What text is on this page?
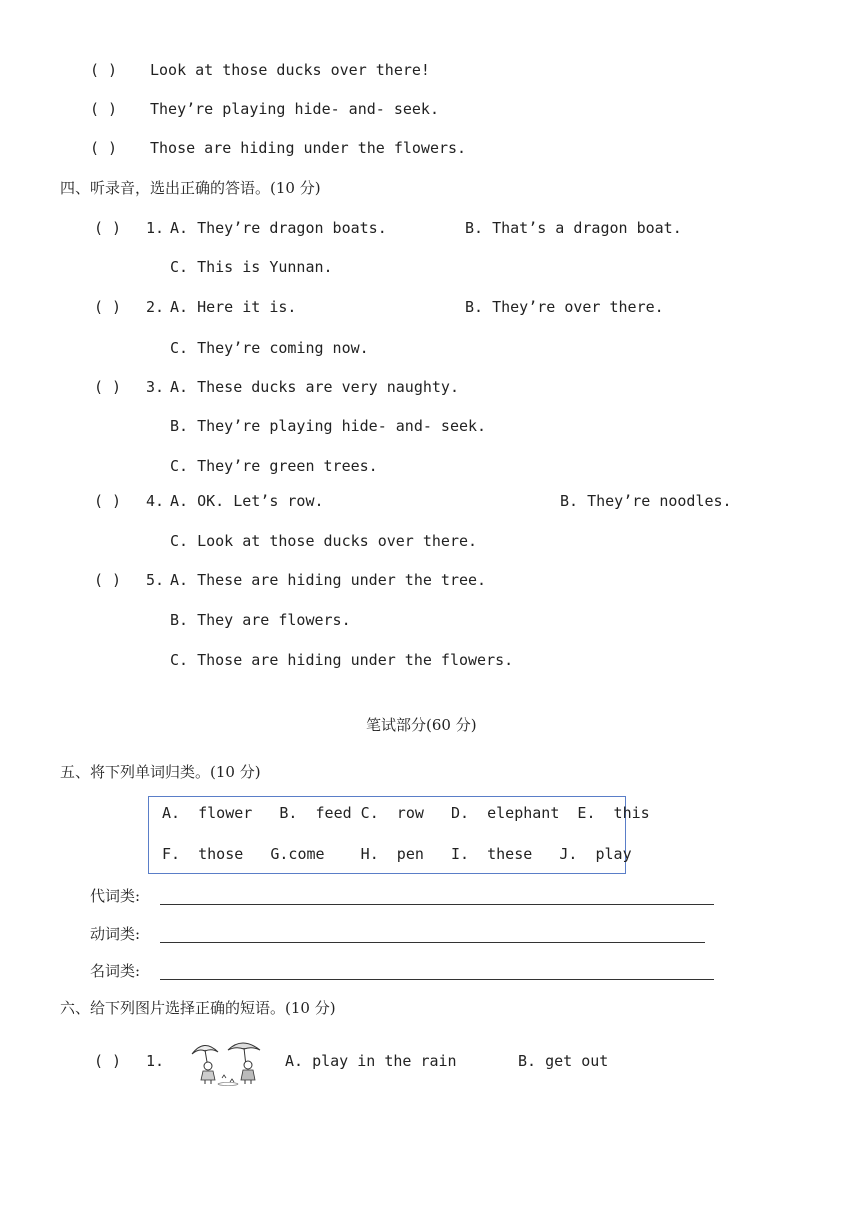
( ) Look at those ducks over there!
( ) They’re playing hide- and- seek.
( ) Those are hiding under the flowers.
四、听录音，选出正确的答语。(10 分)
( ) 1. A. They’re dragon boats.	B. That’s a dragon boat.
C. This is Yunnan.
( ) 2. A. Here it is.	B. They’re over there.
C. They’re coming now.
( ) 3. A. These ducks are very naughty.
B. They’re playing hide- and- seek.
C. They’re green trees.
( ) 4. A. OK. Let’s row.	B. They’re noodles.
C. Look at those ducks over there.
( ) 5. A. These are hiding under the tree.
B. They are flowers.
C. Those are hiding under the flowers.
笔试部分(60 分)
五、将下列单词归类。(10 分)
A.  flower   B.  feed C.  row   D.  elephant  E.  this
F.  those   G.come    H.  pen   I.  these   J.  play
代词类:
动词类:
名词类:
六、给下列图片选择正确的短语。(10 分)
( ) 1.	A. play in the rain	B. get out
